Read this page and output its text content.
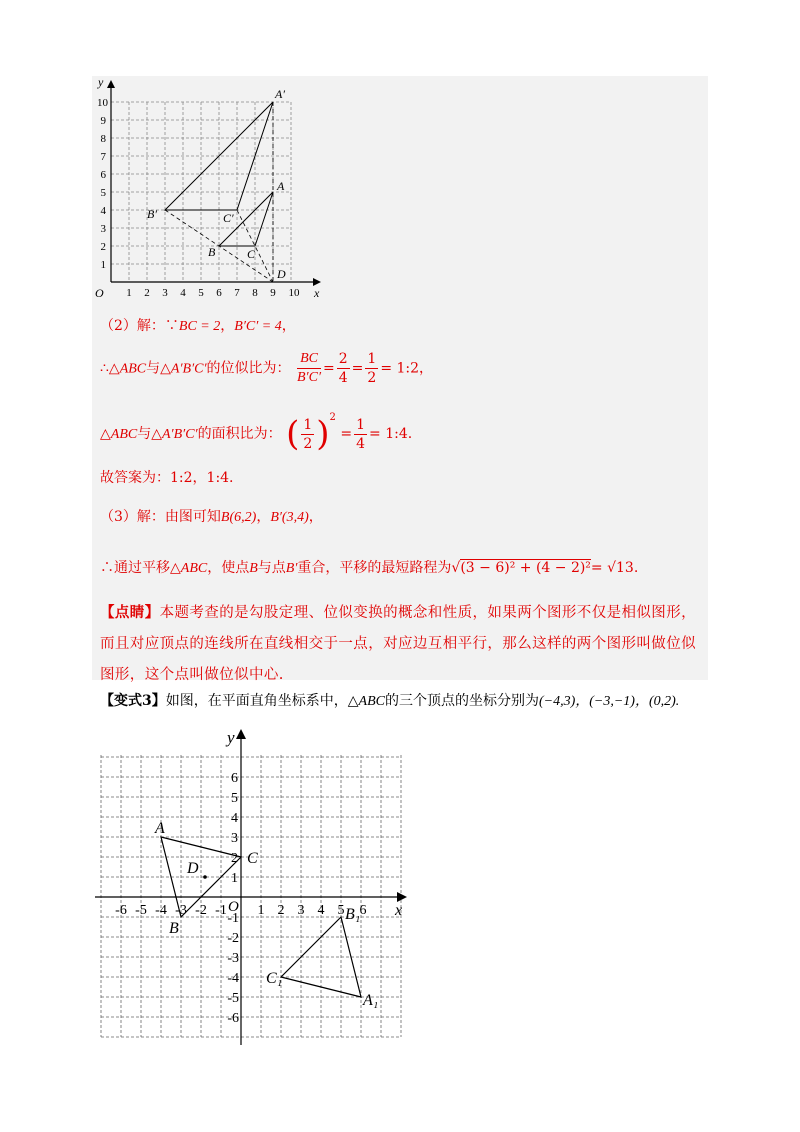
y
x
O 1 2 3 4 5 6 7 8 9 10
1
2
3
4
5
6
7
8
9
10
A′
B′	C′
A
B	C
D
（2）解：∵BC = 2，B′C′ = 4，
∴△ABC与△A′B′C′的位似比为： $\frac{BC}{B'C'} = \frac{2}{4} = \frac{1}{2}$ = 1:2，
△ABC与△A′B′C′的面积比为： ( $\frac{1}{2} )^2 = \frac{1}{4}$ = 1:4.
故答案为：1:2，1:4.
（3）解：由图可知B(6,2)，B′(3,4)，
∴通过平移△ABC，使点B与点B′重合，平移的最短路程为√(3 − 6)² + (4 − 2)²= √13.
【点睛】本题考查的是勾股定理、位似变换的概念和性质，如果两个图形不仅是相似图形，而且对应顶点的连线所在直线相交于一点，对应边互相平行，那么这样的两个图形叫做位似图形，这个点叫做位似中心.
【变式3】如图，在平面直角坐标系中，△ABC的三个顶点的坐标分别为(−4,3)，(−3,−1)，(0,2).
y
x
O
-6 -5 -4 -3 -2 -1 1 2 3 4 5 6
1
2
3
4
5
6
-1
-2
-3
-4
-5
-6
A
B
C
D
A₁
B₁
C₁
